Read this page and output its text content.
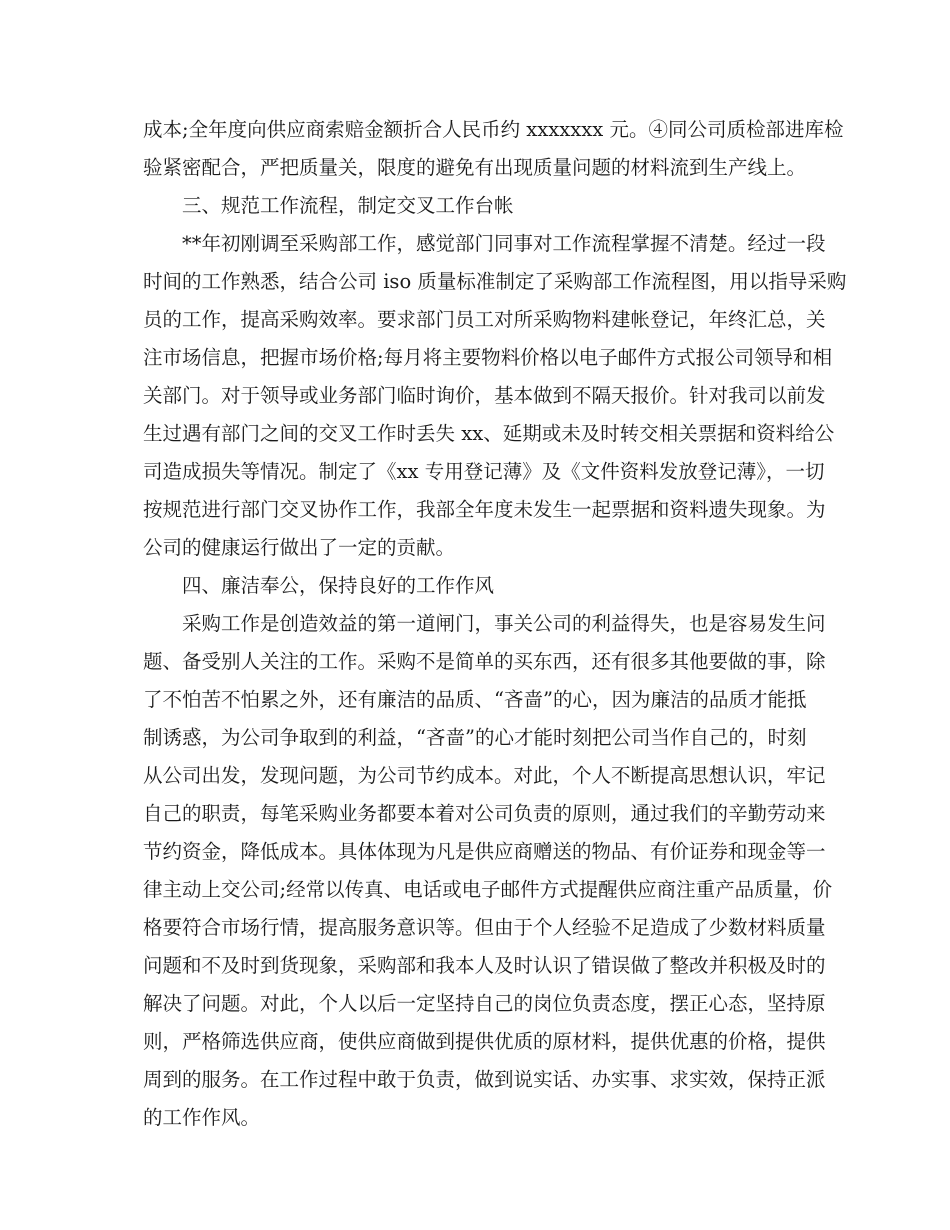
成本;全年度向供应商索赔金额折合人民币约 xxxxxxx 元。④同公司质检部进库检
验紧密配合，严把质量关，限度的避免有出现质量问题的材料流到生产线上。
三、规范工作流程，制定交叉工作台帐
**年初刚调至采购部工作，感觉部门同事对工作流程掌握不清楚。经过一段
时间的工作熟悉，结合公司 iso 质量标准制定了采购部工作流程图，用以指导采购
员的工作，提高采购效率。要求部门员工对所采购物料建帐登记，年终汇总，关
注市场信息，把握市场价格;每月将主要物料价格以电子邮件方式报公司领导和相
关部门。对于领导或业务部门临时询价，基本做到不隔天报价。针对我司以前发
生过遇有部门之间的交叉工作时丢失 xx、延期或未及时转交相关票据和资料给公
司造成损失等情况。制定了《xx 专用登记薄》及《文件资料发放登记薄》，一切
按规范进行部门交叉协作工作，我部全年度未发生一起票据和资料遗失现象。为
公司的健康运行做出了一定的贡献。
四、廉洁奉公，保持良好的工作作风
采购工作是创造效益的第一道闸门，事关公司的利益得失，也是容易发生问
题、备受别人关注的工作。采购不是简单的买东西，还有很多其他要做的事，除
了不怕苦不怕累之外，还有廉洁的品质、“吝啬”的心，因为廉洁的品质才能抵
制诱惑，为公司争取到的利益，“吝啬”的心才能时刻把公司当作自己的，时刻
从公司出发，发现问题，为公司节约成本。对此，个人不断提高思想认识，牢记
自己的职责，每笔采购业务都要本着对公司负责的原则，通过我们的辛勤劳动来
节约资金，降低成本。具体体现为凡是供应商赠送的物品、有价证券和现金等一
律主动上交公司;经常以传真、电话或电子邮件方式提醒供应商注重产品质量，价
格要符合市场行情，提高服务意识等。但由于个人经验不足造成了少数材料质量
问题和不及时到货现象，采购部和我本人及时认识了错误做了整改并积极及时的
解决了问题。对此，个人以后一定坚持自己的岗位负责态度，摆正心态，坚持原
则，严格筛选供应商，使供应商做到提供优质的原材料，提供优惠的价格，提供
周到的服务。在工作过程中敢于负责，做到说实话、办实事、求实效，保持正派
的工作作风。
